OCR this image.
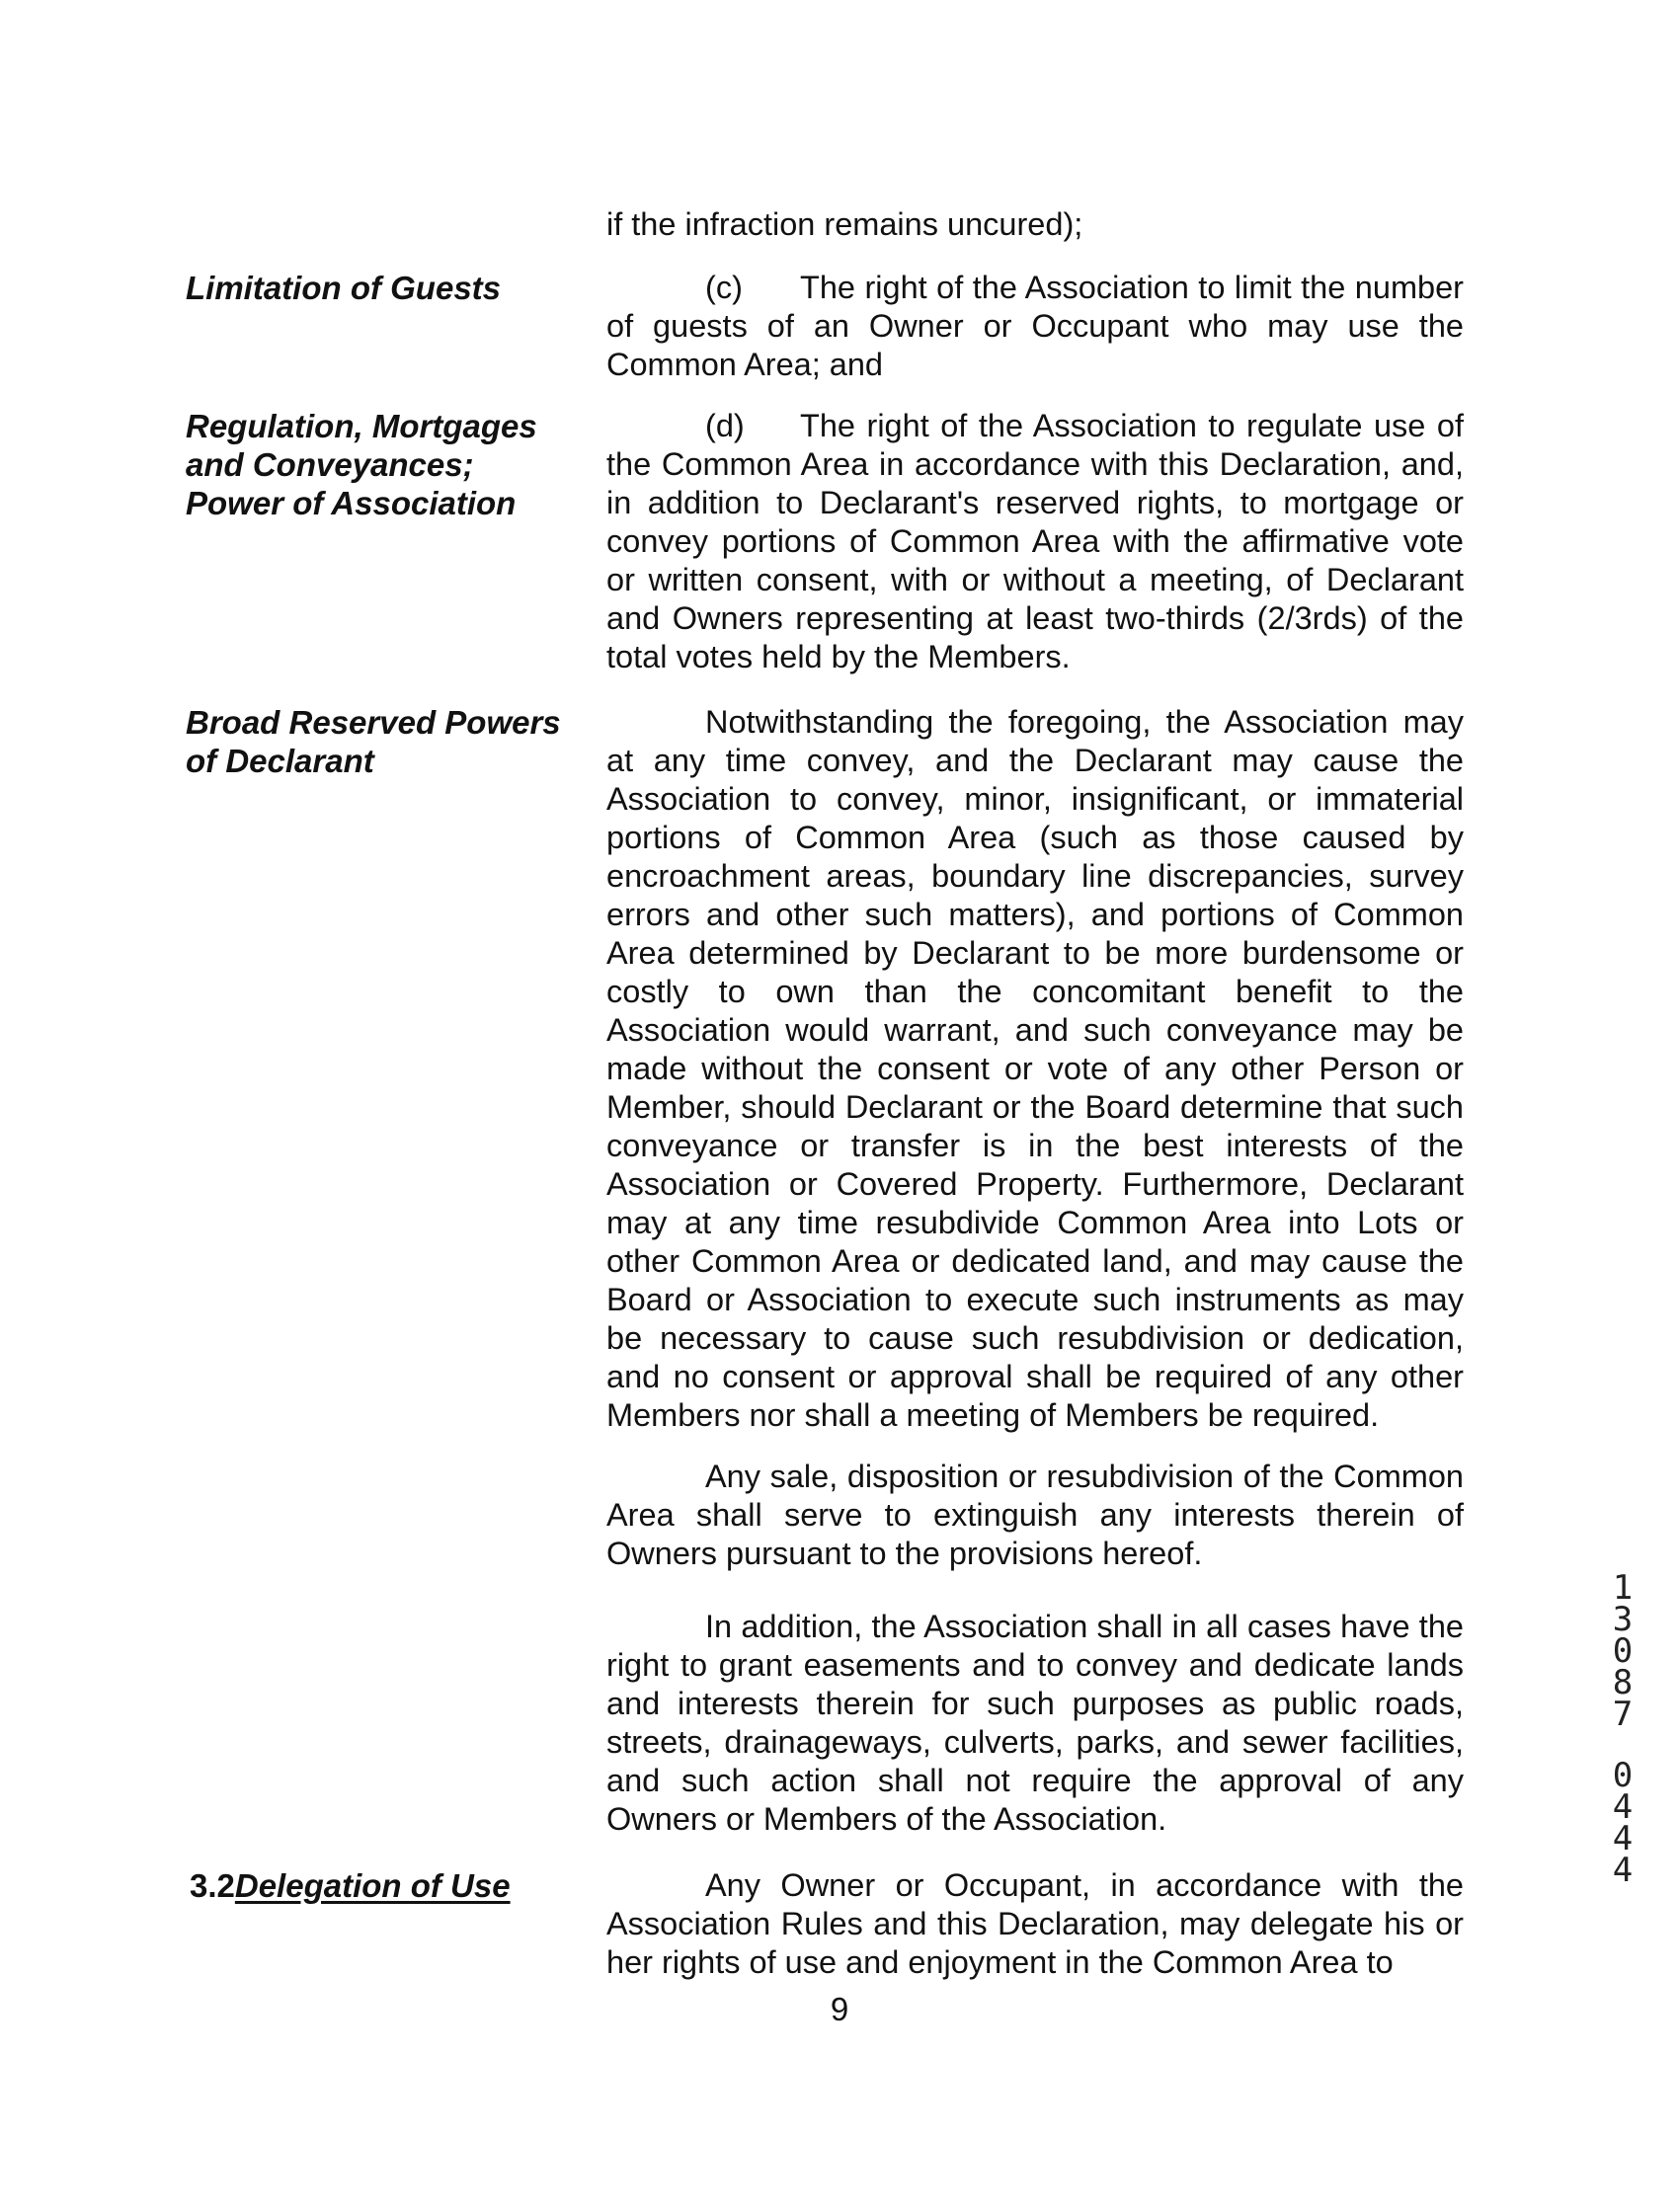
if the infraction remains uncured);
Limitation of Guests	(c) The right of the Association to limit the number of guests of an Owner or Occupant who may use the Common Area; and
Regulation, Mortgages
and Conveyances;
Power of Association
(d) The right of the Association to regulate use of the Common Area in accordance with this Declaration, and, in addition to Declarant's reserved rights, to mortgage or convey portions of Common Area with the affirmative vote or written consent, with or without a meeting, of Declarant and Owners representing at least two-thirds (2/3rds) of the total votes held by the Members.
Broad Reserved Powers
of Declarant
Notwithstanding the foregoing, the Association may at any time convey, and the Declarant may cause the Association to convey, minor, insignificant, or immaterial portions of Common Area (such as those caused by encroachment areas, boundary line discrepancies, survey errors and other such matters), and portions of Common Area determined by Declarant to be more burdensome or costly to own than the concomitant benefit to the Association would warrant, and such conveyance may be made without the consent or vote of any other Person or Member, should Declarant or the Board determine that such conveyance or transfer is in the best interests of the Association or Covered Property. Furthermore, Declarant may at any time resubdivide Common Area into Lots or other Common Area or dedicated land, and may cause the Board or Association to execute such instruments as may be necessary to cause such resubdivision or dedication, and no consent or approval shall be required of any other Members nor shall a meeting of Members be required.
Any sale, disposition or resubdivision of the Common Area shall serve to extinguish any interests therein of Owners pursuant to the provisions hereof.
In addition, the Association shall in all cases have the right to grant easements and to convey and dedicate lands and interests therein for such purposes as public roads, streets, drainageways, culverts, parks, and sewer facilities, and such action shall not require the approval of any Owners or Members of the Association.
3.2Delegation of Use	Any Owner or Occupant, in accordance with the Association Rules and this Declaration, may delegate his or her rights of use and enjoyment in the Common Area to
9
13087
0444
